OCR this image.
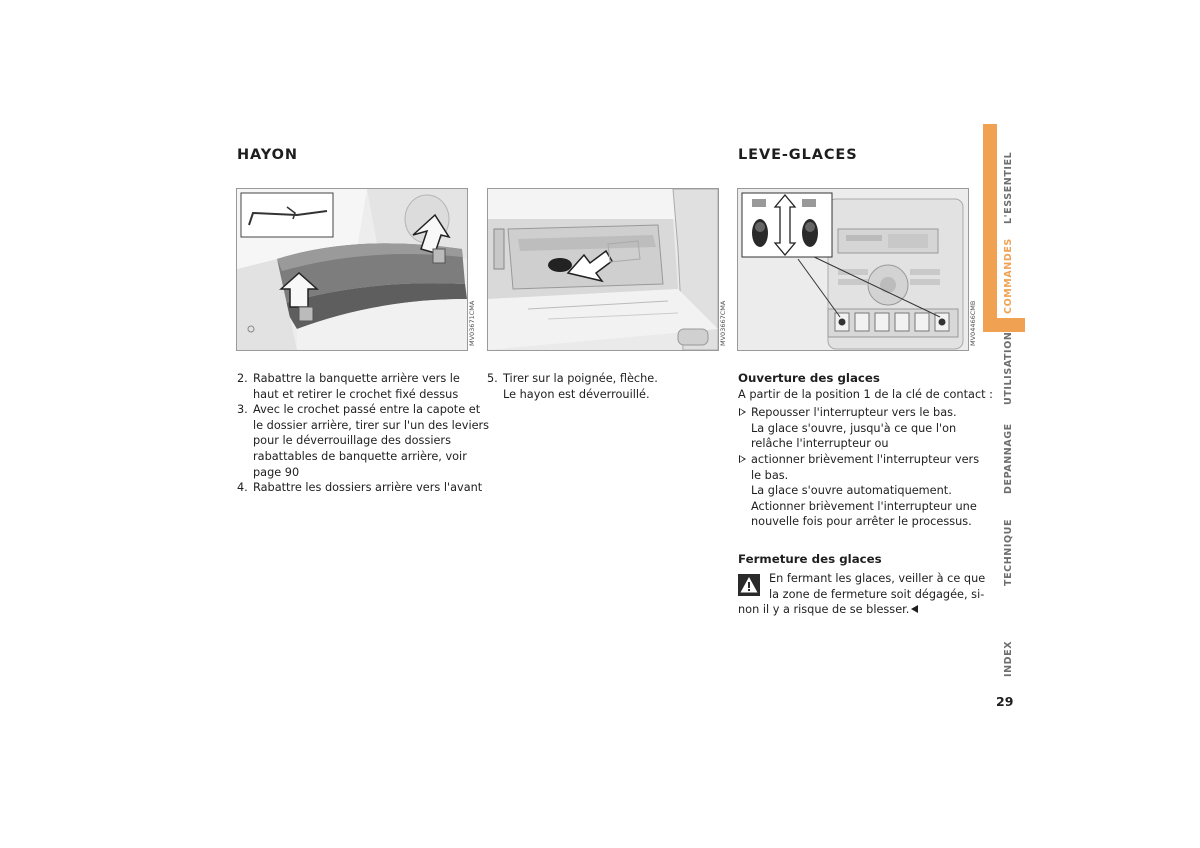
HAYON
MV03671CMA	MV03667CMA
2. Rabattre la banquette arrière vers le
haut et retirer le crochet fixé dessus
3. Avec le crochet passé entre la capote et
le dossier arrière, tirer sur l'un des leviers
pour le déverrouillage des dossiers
rabattables de banquette arrière, voir
page 90
4. Rabattre les dossiers arrière vers l'avant
5. Tirer sur la poignée, flèche.
Le hayon est déverrouillé.
LEVE-GLACES
MV04466CMB
Ouverture des glaces
A partir de la position 1 de la clé de contact :
Repousser l'interrupteur vers le bas.
La glace s'ouvre, jusqu'à ce que l'on
relâche l'interrupteur ou
actionner brièvement l'interrupteur vers
le bas.
La glace s'ouvre automatiquement.
Actionner brièvement l'interrupteur une
nouvelle fois pour arrêter le processus.
Fermeture des glaces
En fermant les glaces, veiller à ce que
la zone de fermeture soit dégagée, si-
non il y a risque de se blesser.
L'ESSENTIEL
COMMANDES
UTILISATION
DEPANNAGE
TECHNIQUE
INDEX
29
